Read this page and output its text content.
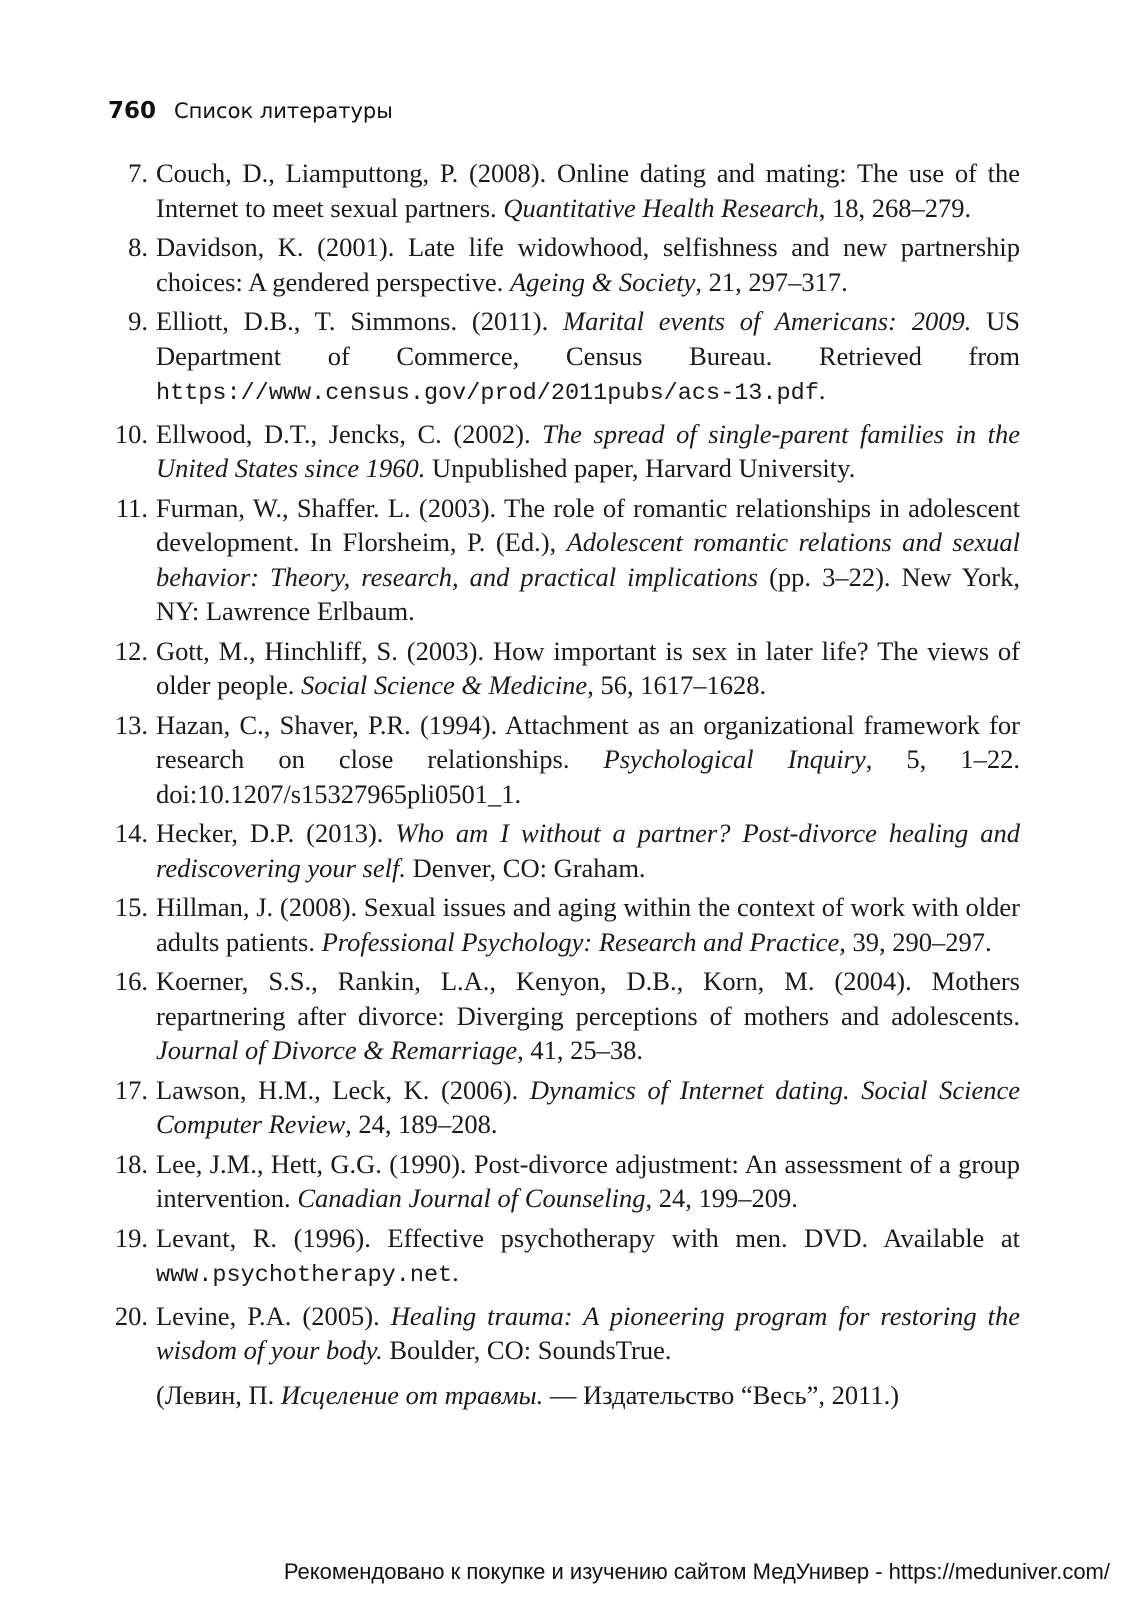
760 Список литературы
7. Couch, D., Liamputtong, P. (2008). Online dating and mating: The use of the Internet to meet sexual partners. Quantitative Health Research, 18, 268–279.
8. Davidson, K. (2001). Late life widowhood, selfishness and new partnership choices: A gendered perspective. Ageing & Society, 21, 297–317.
9. Elliott, D.B., T. Simmons. (2011). Marital events of Americans: 2009. US Department of Commerce, Census Bureau. Retrieved from https://www.census.gov/prod/2011pubs/acs-13.pdf.
10. Ellwood, D.T., Jencks, C. (2002). The spread of single-parent families in the United States since 1960. Unpublished paper, Harvard University.
11. Furman, W., Shaffer. L. (2003). The role of romantic relationships in adolescent development. In Florsheim, P. (Ed.), Adolescent romantic relations and sexual behavior: Theory, research, and practical implications (pp. 3–22). New York, NY: Lawrence Erlbaum.
12. Gott, M., Hinchliff, S. (2003). How important is sex in later life? The views of older people. Social Science & Medicine, 56, 1617–1628.
13. Hazan, C., Shaver, P.R. (1994). Attachment as an organizational framework for research on close relationships. Psychological Inquiry, 5, 1–22. doi:10.1207/s15327965pli0501_1.
14. Hecker, D.P. (2013). Who am I without a partner? Post-divorce healing and rediscovering your self. Denver, CO: Graham.
15. Hillman, J. (2008). Sexual issues and aging within the context of work with older adults patients. Professional Psychology: Research and Practice, 39, 290–297.
16. Koerner, S.S., Rankin, L.A., Kenyon, D.B., Korn, M. (2004). Mothers repartnering after divorce: Diverging perceptions of mothers and adolescents. Journal of Divorce & Remarriage, 41, 25–38.
17. Lawson, H.M., Leck, K. (2006). Dynamics of Internet dating. Social Science Computer Review, 24, 189–208.
18. Lee, J.M., Hett, G.G. (1990). Post-divorce adjustment: An assessment of a group intervention. Canadian Journal of Counseling, 24, 199–209.
19. Levant, R. (1996). Effective psychotherapy with men. DVD. Available at www.psychotherapy.net.
20. Levine, P.A. (2005). Healing trauma: A pioneering program for restoring the wisdom of your body. Boulder, CO: SoundsTrue.
(Левин, П. Исцеление от травмы. — Издательство “Весь”, 2011.)
Рекомендовано к покупке и изучению сайтом МедУнивер - https://meduniver.com/
